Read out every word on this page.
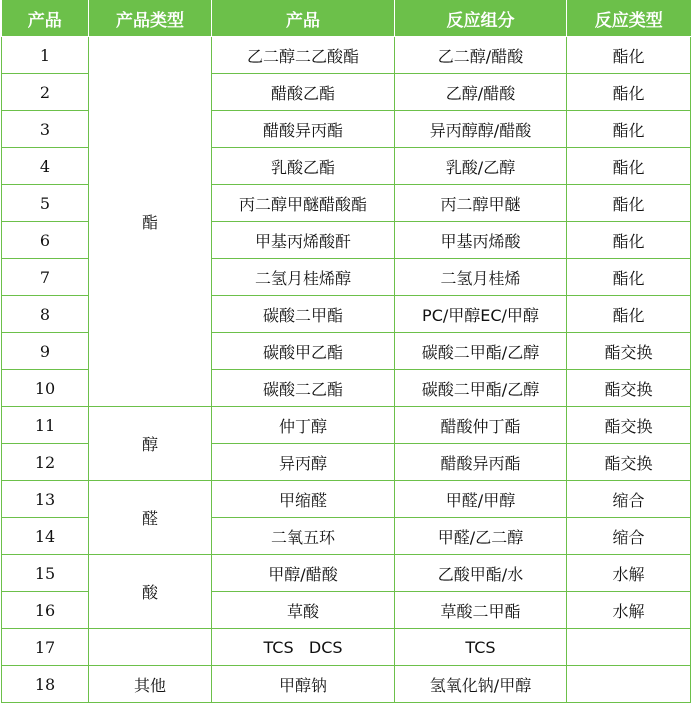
产品	产品类型	产品	反应组分	反应类型
1	酯	乙二醇二乙酸酯	乙二醇/醋酸	酯化
2		醋酸乙酯	乙醇/醋酸	酯化
3		醋酸异丙酯	异丙醇醇/醋酸	酯化
4		乳酸乙酯	乳酸/乙醇	酯化
5		丙二醇甲醚醋酸酯	丙二醇甲醚	酯化
6		甲基丙烯酸酐	甲基丙烯酸	酯化
7		二氢月桂烯醇	二氢月桂烯	酯化
8		碳酸二甲酯	PC/甲醇EC/甲醇	酯化
9		碳酸甲乙酯	碳酸二甲酯/乙醇	酯交换
10		碳酸二乙酯	碳酸二甲酯/乙醇	酯交换
11	醇	仲丁醇	醋酸仲丁酯	酯交换
12		异丙醇	醋酸异丙酯	酯交换
13	醛	甲缩醛	甲醛/甲醇	缩合
14		二氧五环	甲醛/乙二醇	缩合
15	酸	甲醇/醋酸	乙酸甲酯/水	水解
16		草酸	草酸二甲酯	水解
17		TCS   DCS	TCS	
18	其他	甲醇钠	氢氧化钠/甲醇	
